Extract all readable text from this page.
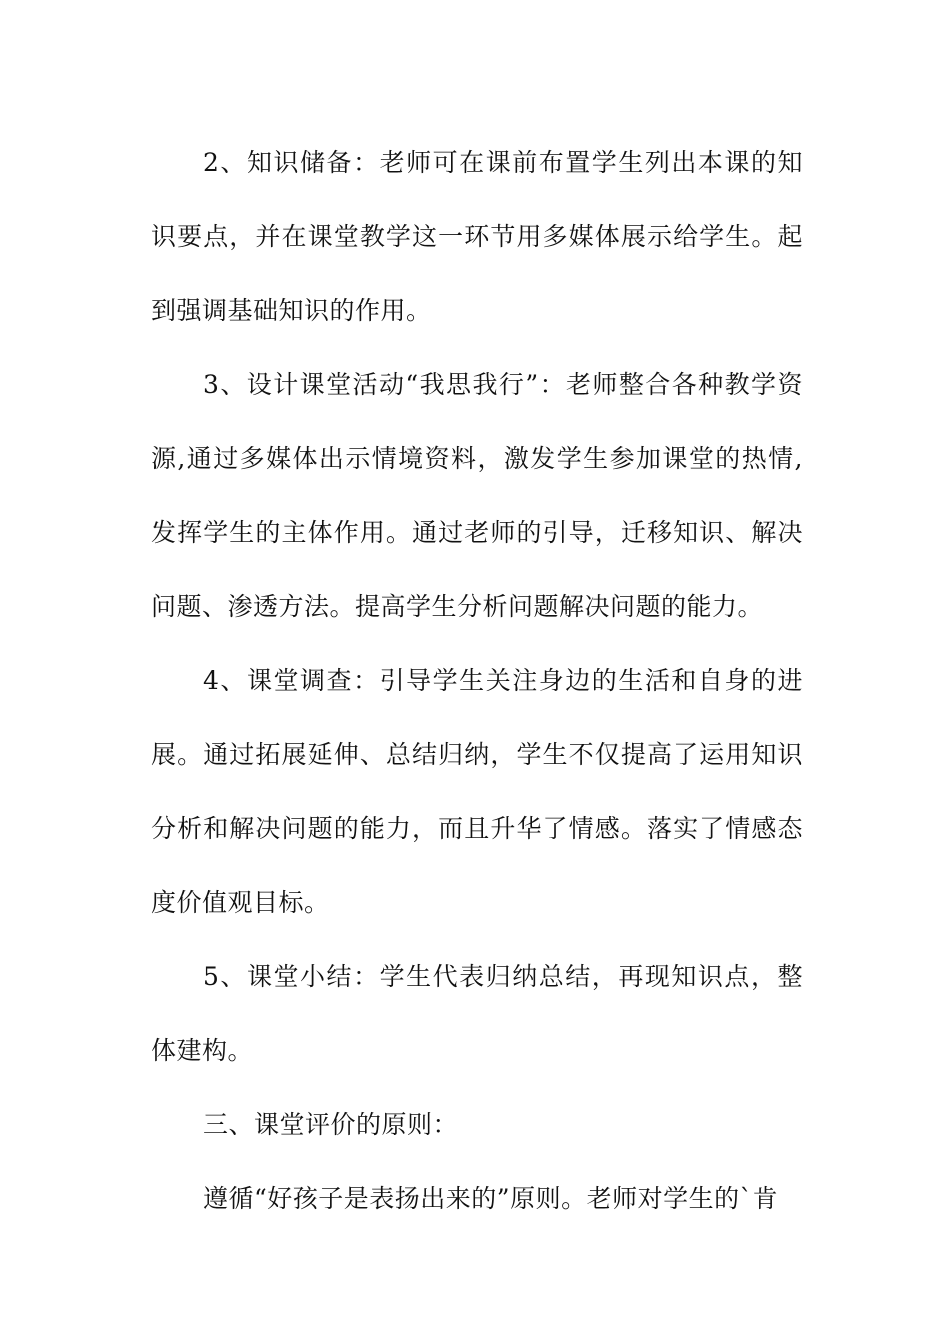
2、知识储备：老师可在课前布置学生列出本课的知识要点，并在课堂教学这一环节用多媒体展示给学生。起到强调基础知识的作用。

3、设计课堂活动“我思我行”：老师整合各种教学资源,通过多媒体出示情境资料，激发学生参加课堂的热情,发挥学生的主体作用。通过老师的引导，迁移知识、解决问题、渗透方法。提高学生分析问题解决问题的能力。

4、课堂调查：引导学生关注身边的生活和自身的进展。通过拓展延伸、总结归纳，学生不仅提高了运用知识分析和解决问题的能力，而且升华了情感。落实了情感态度价值观目标。

5、课堂小结：学生代表归纳总结，再现知识点，整体建构。

三、课堂评价的原则：

遵循“好孩子是表扬出来的”原则。老师对学生的`肯
